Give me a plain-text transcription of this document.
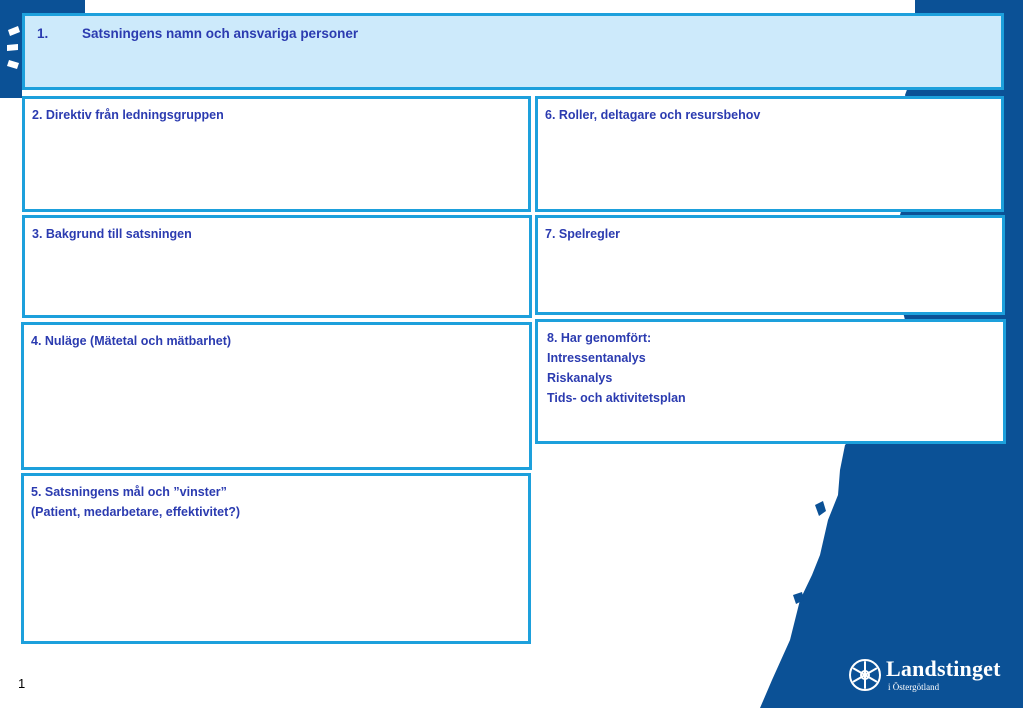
1. Satsningens namn och ansvariga personer
2. Direktiv från ledningsgruppen
3. Bakgrund till satsningen
4. Nuläge (Mätetal och mätbarhet)
5. Satsningens mål och ”vinster”
(Patient, medarbetare, effektivitet?)
6. Roller, deltagare och resursbehov
7. Spelregler
8. Har genomfört:
Intressentanalys
Riskanalys
Tids- och aktivitetsplan
1
Landstinget
i Östergötland
